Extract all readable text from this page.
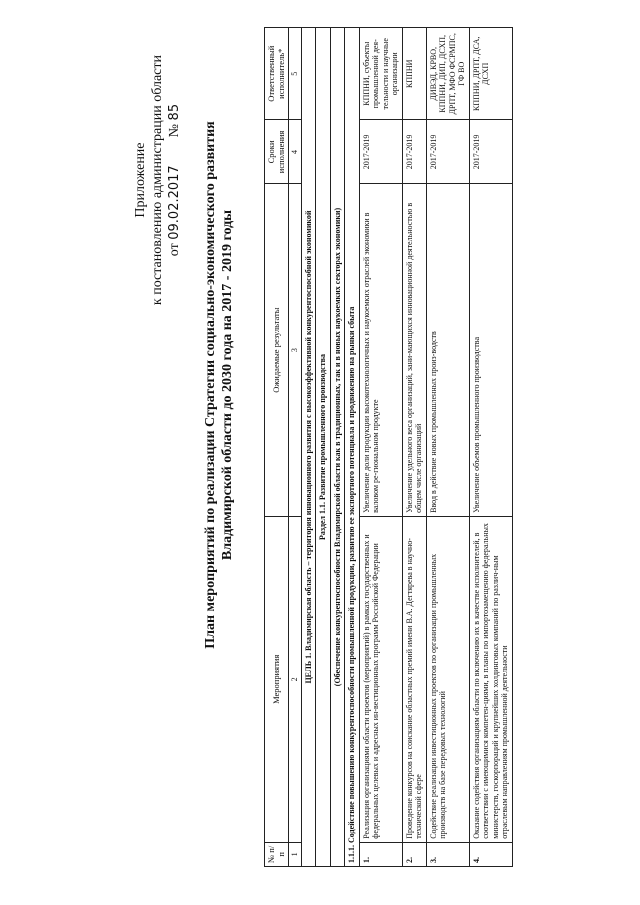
Приложение к постановлению администрации области от 09.02.2017        № 85
План мероприятий по реализации Стратегии социально-экономического развития Владимирской области до 2030 года на 2017 - 2019 годы
№ п/п	Мероприятия	Ожидаемые результаты	Сроки исполнения	Ответственный исполнитель*
1	2	3	4	5
ЦЕЛЬ 1. Владимирская область – территория инновационного развития с высокоэффективной конкурентоспособной экономикой				
Раздел 1.1. Развитие промышленного производства				
(Обеспечение конкурентоспособности Владимирской области как в традиционных, так и в новых наукоемких секторах экономики)				
1.1.1. Содействие повышению конкурентоспособности промышленной продукции, развитию ее экспортного потенциала и продвижению на рынки сбыта				
1.	Реализация организациями области проектов (мероприятий) в рамках государственных и федеральных целевых и адресных ин-вестиционных программ Российской Федерации	Увеличение доли продукции высокотехнологичных и наукоемких отраслей экономики в валовом ре-гиональном продукте	2017-2019	КППНИ, субъекты промышленной дея-тельности и научные организации
2.	Проведение конкурсов на соискание областных премий имени В.А. Дегтярева в научно-технической сфере	Увеличение удельного веса организаций, зани-мающихся инновационной деятельностью в общем числе организаций	2017-2019	КППНИ
3.	Содействие реализации инвестиционных проектов по организации промышленных производств на базе передовых технологий	Ввод в действие новых промышленных произ-водств	2017-2019	ДИВЭД, КРВО, КППНИ, ДИП, ДСХП, ДРПТ, МФО ФСРМПС, ГФ ВО
4.	Оказание содействия организациям области по включению их в качестве исполнителей, в соответствии с имеющимися компетен-циями, в планы по импортозамещению федеральных министерств, госкорпораций и крупнейших холдинговых компаний по различ-ным отраслевым направлениям промышленной деятельности	Увеличение объемов промышленного производства	2017-2019	КППНИ, ДРПТ, ДСА, ДСХП
